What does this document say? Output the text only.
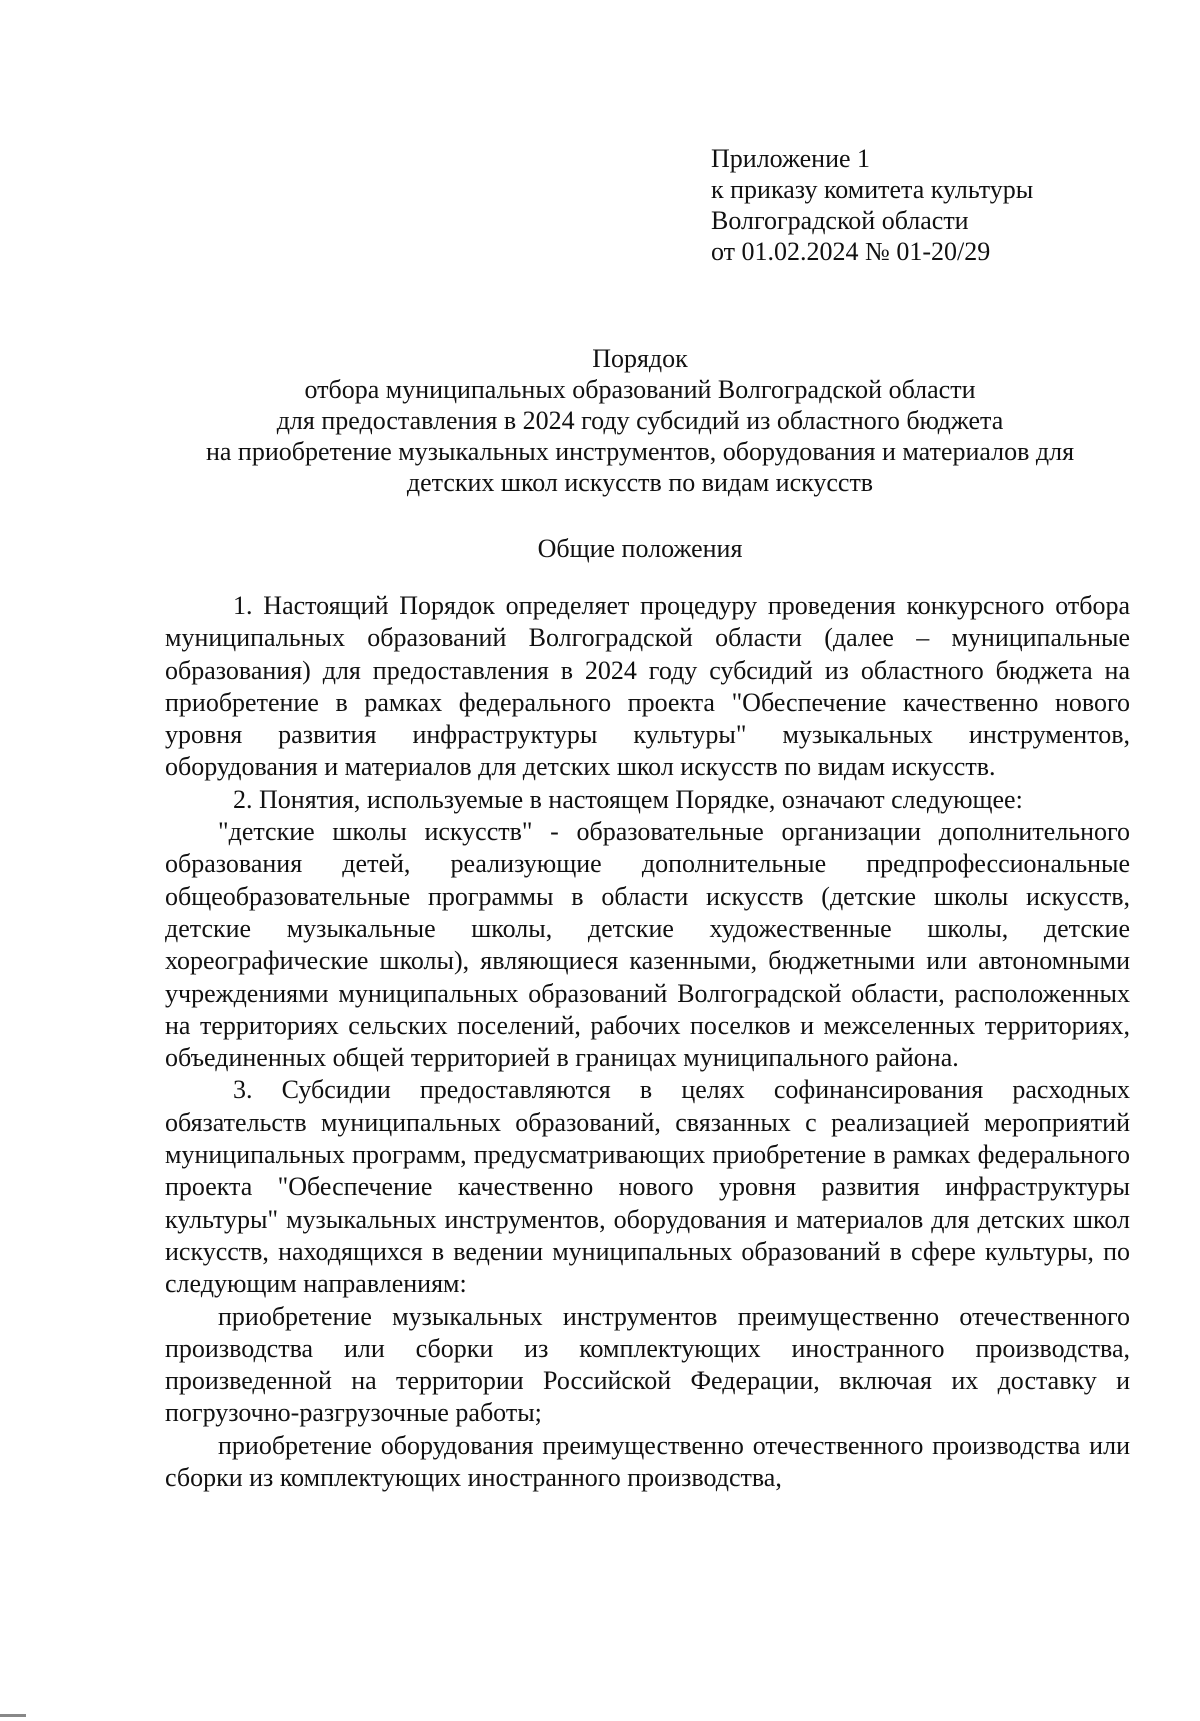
Приложение 1
к приказу комитета культуры
Волгоградской области
от 01.02.2024 № 01-20/29
Порядок
отбора муниципальных образований Волгоградской области
для предоставления в 2024 году субсидий из областного бюджета
на приобретение музыкальных инструментов, оборудования и материалов для
детских школ искусств по видам искусств
Общие положения

1. Настоящий Порядок определяет процедуру проведения конкурсного отбора муниципальных образований Волгоградской области (далее – муниципальные образования) для предоставления в 2024 году субсидий из областного бюджета на приобретение в рамках федерального проекта "Обеспечение качественно нового уровня развития инфраструктуры культуры" музыкальных инструментов, оборудования и материалов для детских школ искусств по видам искусств.

2. Понятия, используемые в настоящем Порядке, означают следующее:

"детские школы искусств" - образовательные организации дополнительного образования детей, реализующие дополнительные предпрофессиональные общеобразовательные программы в области искусств (детские школы искусств, детские музыкальные школы, детские художественные школы, детские хореографические школы), являющиеся казенными, бюджетными или автономными учреждениями муниципальных образований Волгоградской области, расположенных на территориях сельских поселений, рабочих поселков и межселенных территориях, объединенных общей территорией в границах муниципального района.

3. Субсидии предоставляются в целях софинансирования расходных обязательств муниципальных образований, связанных с реализацией мероприятий муниципальных программ, предусматривающих приобретение в рамках федерального проекта "Обеспечение качественно нового уровня развития инфраструктуры культуры" музыкальных инструментов, оборудования и материалов для детских школ искусств, находящихся в ведении муниципальных образований в сфере культуры, по следующим направлениям:

приобретение музыкальных инструментов преимущественно отечественного производства или сборки из комплектующих иностранного производства, произведенной на территории Российской Федерации, включая их доставку и погрузочно-разгрузочные работы;

приобретение оборудования преимущественно отечественного производства или сборки из комплектующих иностранного производства,
